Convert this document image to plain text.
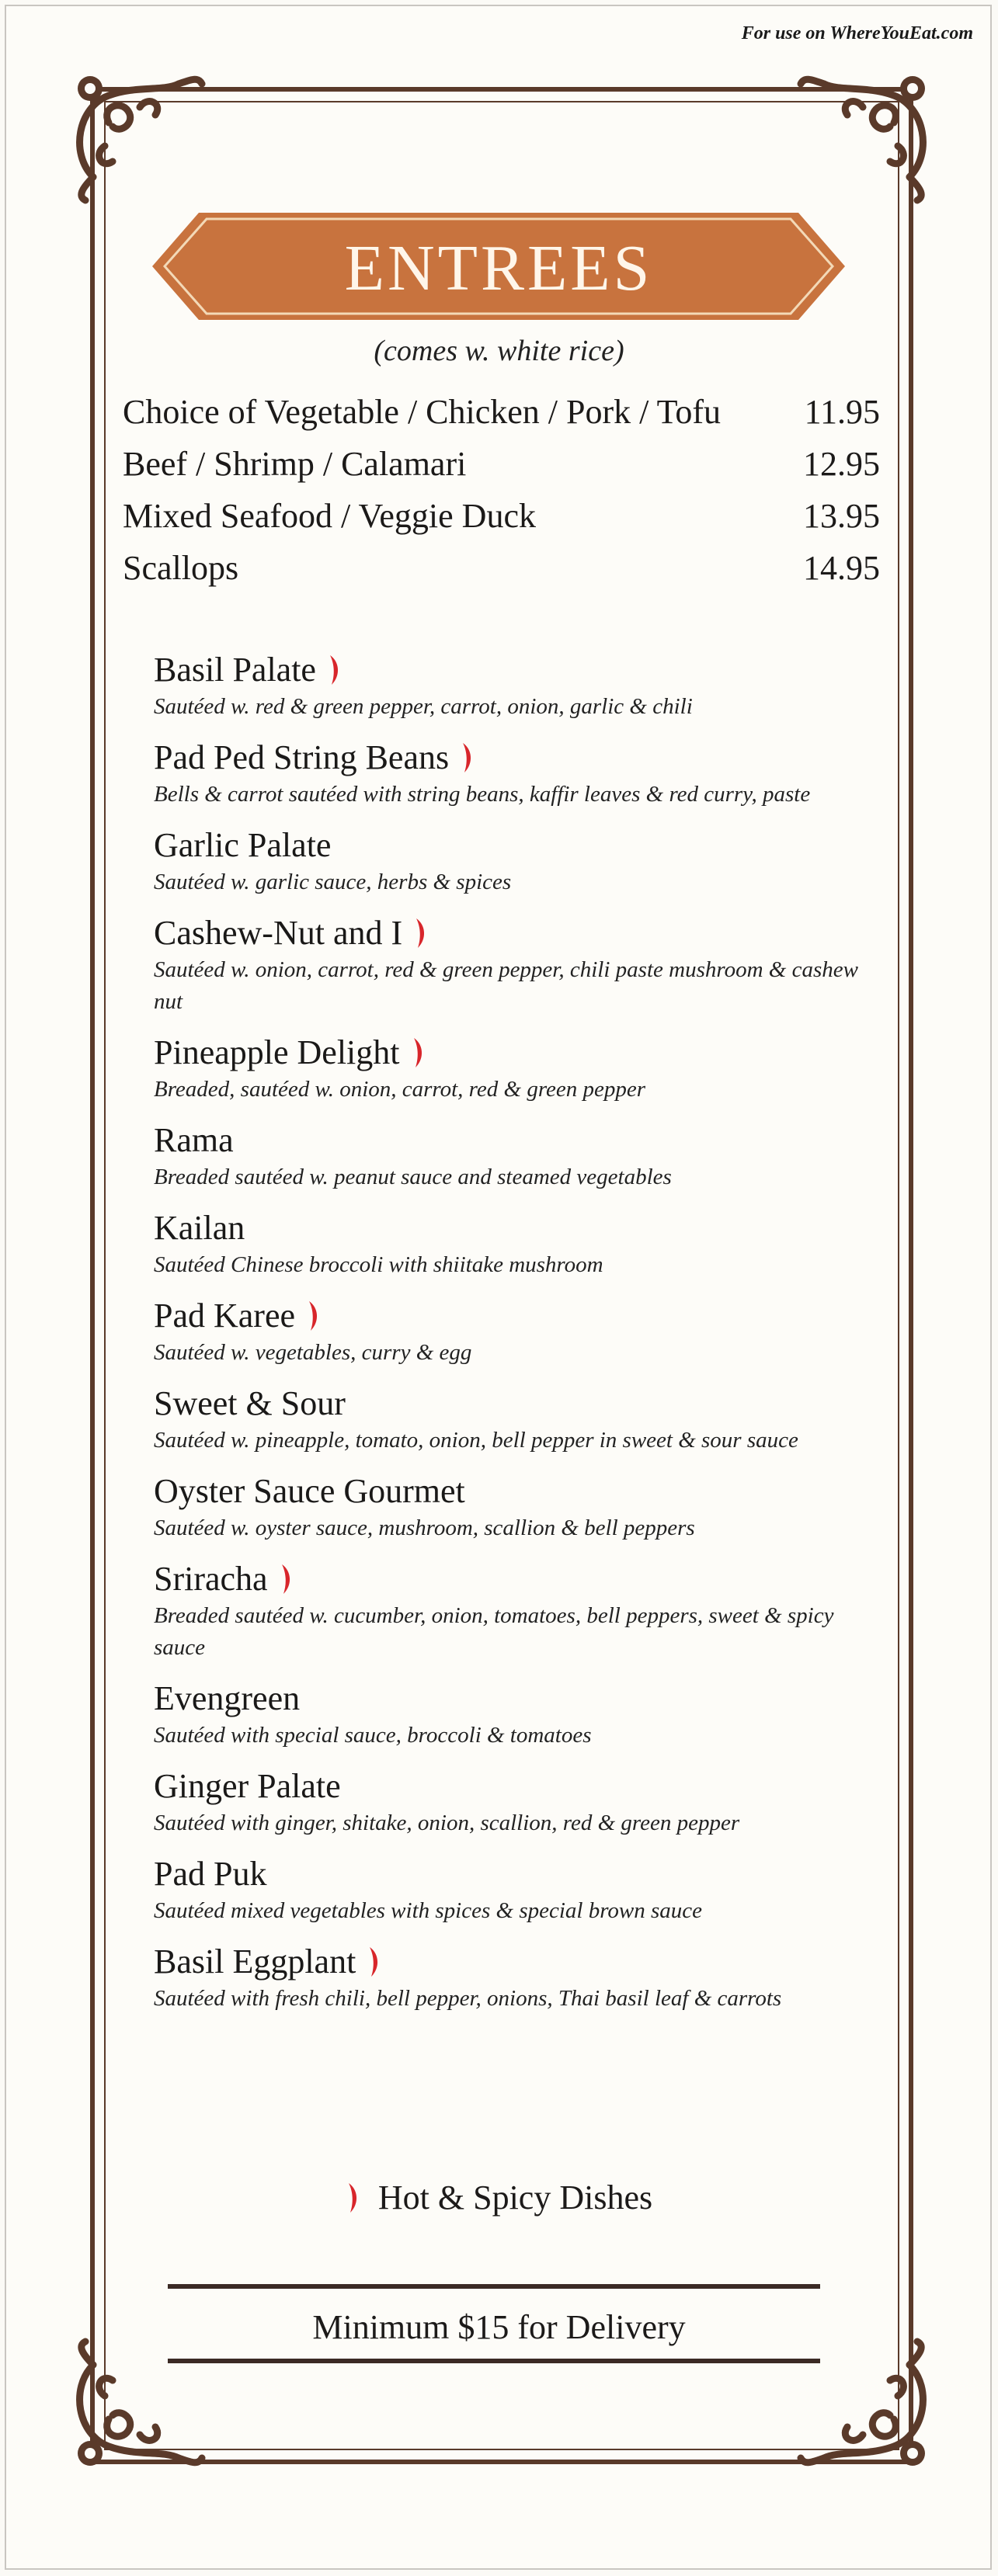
For use on WhereYouEat.com
ENTREES
(comes w. white rice)
Choice of Vegetable / Chicken / Pork / Tofu 11.95
Beef / Shrimp / Calamari	12.95
Mixed Seafood / Veggie Duck	13.95
Scallops	14.95
Basil Palate
Sautéed w. red & green pepper, carrot, onion, garlic & chili
Pad Ped String Beans
Bells & carrot sautéed with string beans, kaffir leaves & red curry, paste
Garlic Palate
Sautéed w. garlic sauce, herbs & spices
Cashew-Nut and I
Sautéed w. onion, carrot, red & green pepper, chili paste mushroom & cashew nut
Pineapple Delight
Breaded, sautéed w. onion, carrot, red & green pepper
Rama
Breaded sautéed w. peanut sauce and steamed vegetables
Kailan
Sautéed Chinese broccoli with shiitake mushroom
Pad Karee
Sautéed w. vegetables, curry & egg
Sweet & Sour
Sautéed w. pineapple, tomato, onion, bell pepper in sweet & sour sauce
Oyster Sauce Gourmet
Sautéed w. oyster sauce, mushroom, scallion & bell peppers
Sriracha
Breaded sautéed w. cucumber, onion, tomatoes, bell peppers, sweet & spicy sauce
Evengreen
Sautéed with special sauce, broccoli & tomatoes
Ginger Palate
Sautéed with ginger, shitake, onion, scallion, red & green pepper
Pad Puk
Sautéed mixed vegetables with spices & special brown sauce
Basil Eggplant
Sautéed with fresh chili, bell pepper, onions, Thai basil leaf & carrots
Hot & Spicy Dishes
Minimum $15 for Delivery
